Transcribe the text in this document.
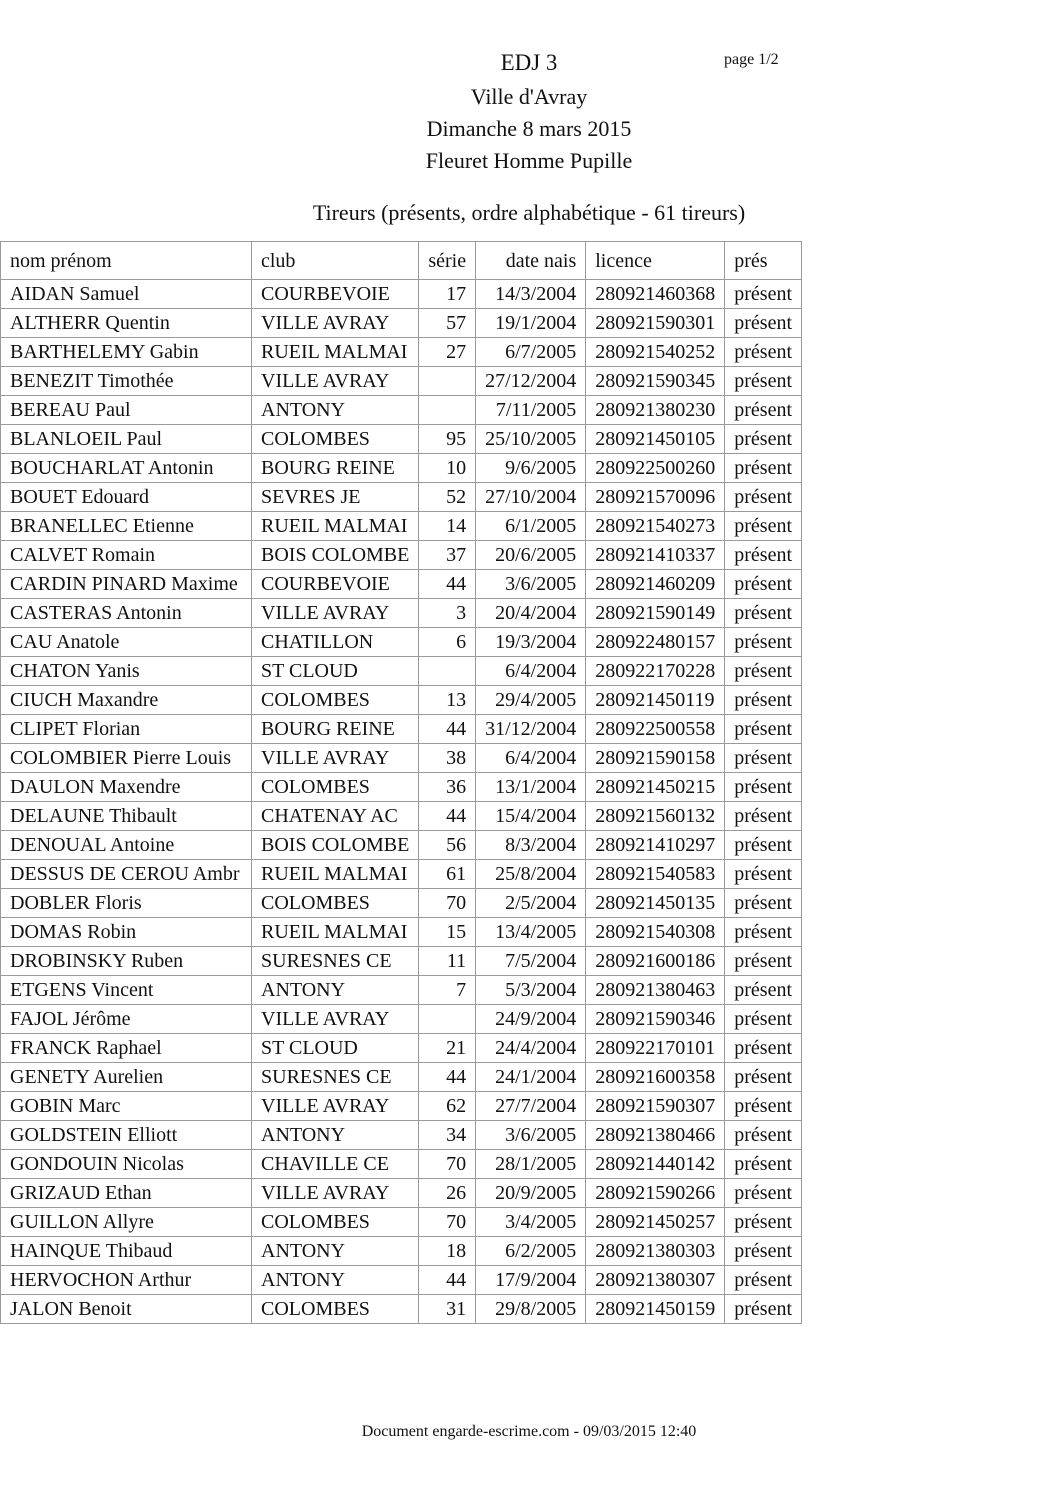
EDJ 3	page 1/2
Ville d'Avray
Dimanche 8 mars 2015
Fleuret Homme Pupille
Tireurs (présents, ordre alphabétique - 61 tireurs)
nom prénom	club	série	date nais	licence	prés
AIDAN Samuel	COURBEVOIE	17	14/3/2004	280921460368	présent
ALTHERR Quentin	VILLE AVRAY	57	19/1/2004	280921590301	présent
BARTHELEMY Gabin	RUEIL MALMAI	27	6/7/2005	280921540252	présent
BENEZIT Timothée	VILLE AVRAY		27/12/2004	280921590345	présent
BEREAU Paul	ANTONY		7/11/2005	280921380230	présent
BLANLOEIL Paul	COLOMBES	95	25/10/2005	280921450105	présent
BOUCHARLAT Antonin	BOURG REINE	10	9/6/2005	280922500260	présent
BOUET Edouard	SEVRES JE	52	27/10/2004	280921570096	présent
BRANELLEC Etienne	RUEIL MALMAI	14	6/1/2005	280921540273	présent
CALVET Romain	BOIS COLOMBE	37	20/6/2005	280921410337	présent
CARDIN PINARD Maxime	COURBEVOIE	44	3/6/2005	280921460209	présent
CASTERAS Antonin	VILLE AVRAY	3	20/4/2004	280921590149	présent
CAU Anatole	CHATILLON	6	19/3/2004	280922480157	présent
CHATON Yanis	ST CLOUD		6/4/2004	280922170228	présent
CIUCH Maxandre	COLOMBES	13	29/4/2005	280921450119	présent
CLIPET Florian	BOURG REINE	44	31/12/2004	280922500558	présent
COLOMBIER Pierre Louis	VILLE AVRAY	38	6/4/2004	280921590158	présent
DAULON Maxendre	COLOMBES	36	13/1/2004	280921450215	présent
DELAUNE Thibault	CHATENAY AC	44	15/4/2004	280921560132	présent
DENOUAL Antoine	BOIS COLOMBE	56	8/3/2004	280921410297	présent
DESSUS DE CEROU Ambr	RUEIL MALMAI	61	25/8/2004	280921540583	présent
DOBLER Floris	COLOMBES	70	2/5/2004	280921450135	présent
DOMAS Robin	RUEIL MALMAI	15	13/4/2005	280921540308	présent
DROBINSKY Ruben	SURESNES CE	11	7/5/2004	280921600186	présent
ETGENS Vincent	ANTONY	7	5/3/2004	280921380463	présent
FAJOL Jérôme	VILLE AVRAY		24/9/2004	280921590346	présent
FRANCK Raphael	ST CLOUD	21	24/4/2004	280922170101	présent
GENETY Aurelien	SURESNES CE	44	24/1/2004	280921600358	présent
GOBIN Marc	VILLE AVRAY	62	27/7/2004	280921590307	présent
GOLDSTEIN Elliott	ANTONY	34	3/6/2005	280921380466	présent
GONDOUIN Nicolas	CHAVILLE CE	70	28/1/2005	280921440142	présent
GRIZAUD Ethan	VILLE AVRAY	26	20/9/2005	280921590266	présent
GUILLON Allyre	COLOMBES	70	3/4/2005	280921450257	présent
HAINQUE Thibaud	ANTONY	18	6/2/2005	280921380303	présent
HERVOCHON Arthur	ANTONY	44	17/9/2004	280921380307	présent
JALON Benoit	COLOMBES	31	29/8/2005	280921450159	présent
Document engarde-escrime.com - 09/03/2015 12:40
